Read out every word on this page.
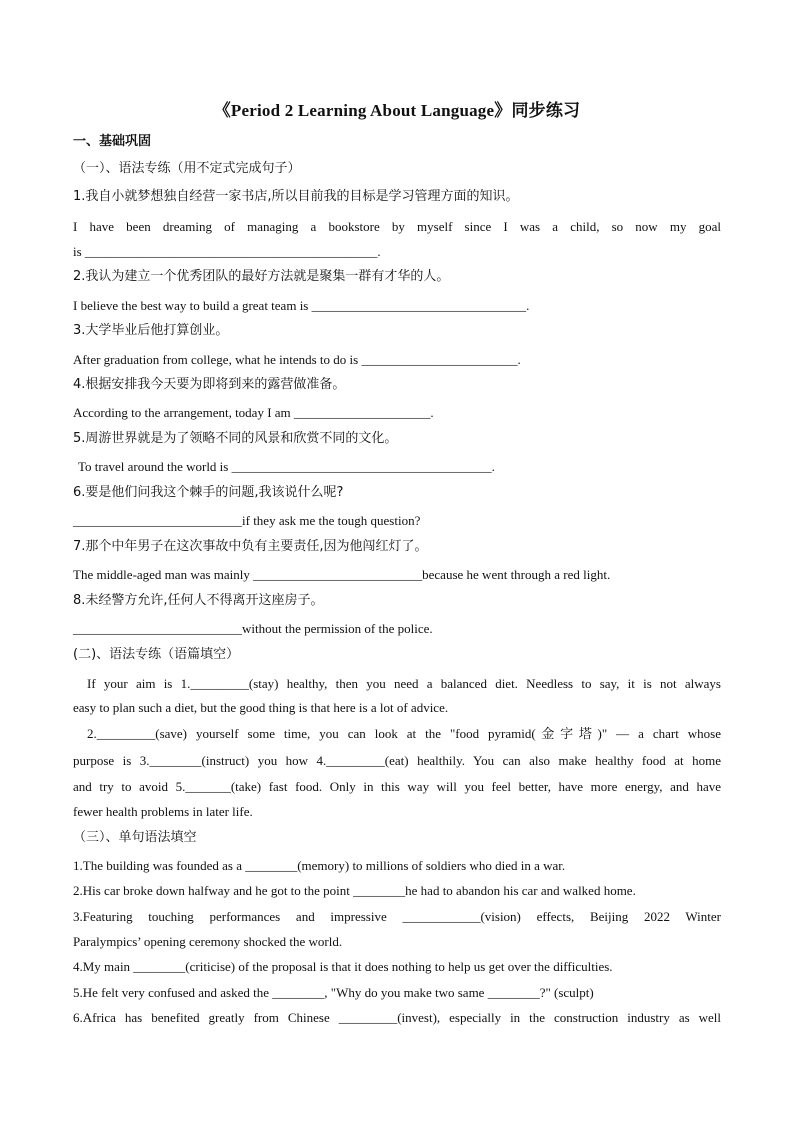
《Period 2 Learning About Language》同步练习
一、基础巩固
（一）、语法专练（用不定式完成句子）
1.我自小就梦想独自经营一家书店,所以目前我的目标是学习管理方面的知识。
I have been dreaming of managing a bookstore by myself since I was a child, so now my goal
is _____________________________________________.
2.我认为建立一个优秀团队的最好方法就是聚集一群有才华的人。
I believe the best way to build a great team is _________________________________.
3.大学毕业后他打算创业。
After graduation from college, what he intends to do is ________________________.
4.根据安排我今天要为即将到来的露营做准备。
According to the arrangement, today I am _____________________.
5.周游世界就是为了领略不同的风景和欣赏不同的文化。
To travel around the world is ________________________________________.
6.要是他们问我这个棘手的问题,我该说什么呢?
__________________________if they ask me the tough question?
7.那个中年男子在这次事故中负有主要责任,因为他闯红灯了。
The middle-aged man was mainly __________________________because he went through a red light.
8.未经警方允许,任何人不得离开这座房子。
__________________________without the permission of the police.
(二)、语法专练（语篇填空）
If your aim is 1._________(stay) healthy, then you need a balanced diet. Needless to say, it is not always
easy to plan such a diet, but the good thing is that here is a lot of advice.
2._________(save) yourself some time, you can look at the "food pyramid(金字塔)" — a chart whose
purpose is 3.________(instruct) you how 4._________(eat) healthily. You can also make healthy food at home
and try to avoid 5._______(take) fast food. Only in this way will you feel better, have more energy, and have
fewer health problems in later life.
（三）、单句语法填空
1.The building was founded as a ________(memory) to millions of soldiers who died in a war.
2.His car broke down halfway and he got to the point ________he had to abandon his car and walked home.
3.Featuring touching performances and impressive ____________(vision) effects, Beijing 2022 Winter
Paralympics’ opening ceremony shocked the world.
4.My main ________(criticise) of the proposal is that it does nothing to help us get over the difficulties.
5.He felt very confused and asked the ________, "Why do you make two same ________?" (sculpt)
6.Africa has benefited greatly from Chinese _________(invest), especially in the construction industry as well
